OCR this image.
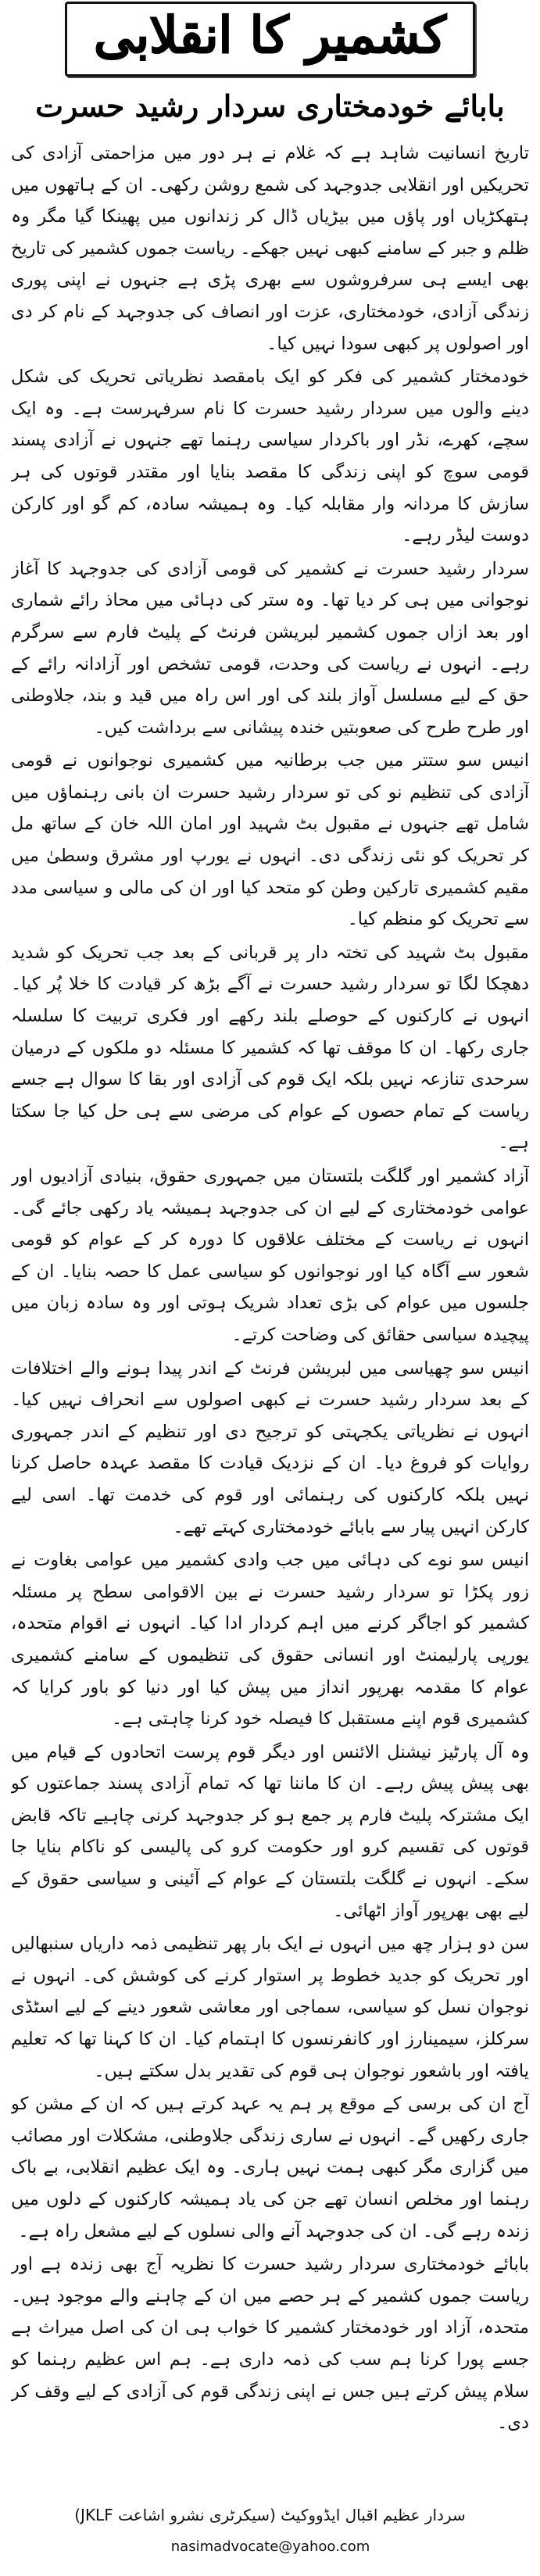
کشمیر کا انقلابی
بابائے خودمختاری سردار رشید حسرت

تاریخ انسانیت شاہد ہے کہ غلام نے ہر دور میں مزاحمتی آزادی کی تحریکیں اور انقلابی جدوجہد کی شمع روشن رکھی۔ ان کے ہاتھوں میں ہتھکڑیاں اور پاؤں میں بیڑیاں ڈال کر زندانوں میں پھینکا گیا مگر وہ ظلم و جبر کے سامنے کبھی نہیں جھکے۔ ریاست جموں کشمیر کی تاریخ بھی ایسے ہی سرفروشوں سے بھری پڑی ہے جنہوں نے اپنی پوری زندگی آزادی، خودمختاری، عزت اور انصاف کی جدوجہد کے نام کر دی اور اصولوں پر کبھی سودا نہیں کیا۔

خودمختار کشمیر کی فکر کو ایک بامقصد نظریاتی تحریک کی شکل دینے والوں میں سردار رشید حسرت کا نام سرفہرست ہے۔ وہ ایک سچے، کھرے، نڈر اور باکردار سیاسی رہنما تھے جنہوں نے آزادی پسند قومی سوچ کو اپنی زندگی کا مقصد بنایا اور مقتدر قوتوں کی ہر سازش کا مردانہ وار مقابلہ کیا۔ وہ ہمیشہ سادہ، کم گو اور کارکن دوست لیڈر رہے۔

سردار رشید حسرت نے کشمیر کی قومی آزادی کی جدوجہد کا آغاز نوجوانی میں ہی کر دیا تھا۔ وہ ستر کی دہائی میں محاذ رائے شماری اور بعد ازاں جموں کشمیر لبریشن فرنٹ کے پلیٹ فارم سے سرگرم رہے۔ انہوں نے ریاست کی وحدت، قومی تشخص اور آزادانہ رائے کے حق کے لیے مسلسل آواز بلند کی اور اس راہ میں قید و بند، جلاوطنی اور طرح طرح کی صعوبتیں خندہ پیشانی سے برداشت کیں۔

انیس سو ستتر میں جب برطانیہ میں کشمیری نوجوانوں نے قومی آزادی کی تنظیم نو کی تو سردار رشید حسرت ان بانی رہنماؤں میں شامل تھے جنہوں نے مقبول بٹ شہید اور امان اللہ خان کے ساتھ مل کر تحریک کو نئی زندگی دی۔ انہوں نے یورپ اور مشرق وسطیٰ میں مقیم کشمیری تارکین وطن کو متحد کیا اور ان کی مالی و سیاسی مدد سے تحریک کو منظم کیا۔

مقبول بٹ شہید کی تختہ دار پر قربانی کے بعد جب تحریک کو شدید دھچکا لگا تو سردار رشید حسرت نے آگے بڑھ کر قیادت کا خلا پُر کیا۔ انہوں نے کارکنوں کے حوصلے بلند رکھے اور فکری تربیت کا سلسلہ جاری رکھا۔ ان کا موقف تھا کہ کشمیر کا مسئلہ دو ملکوں کے درمیان سرحدی تنازعہ نہیں بلکہ ایک قوم کی آزادی اور بقا کا سوال ہے جسے ریاست کے تمام حصوں کے عوام کی مرضی سے ہی حل کیا جا سکتا ہے۔

آزاد کشمیر اور گلگت بلتستان میں جمہوری حقوق، بنیادی آزادیوں اور عوامی خودمختاری کے لیے ان کی جدوجہد ہمیشہ یاد رکھی جائے گی۔ انہوں نے ریاست کے مختلف علاقوں کا دورہ کر کے عوام کو قومی شعور سے آگاہ کیا اور نوجوانوں کو سیاسی عمل کا حصہ بنایا۔ ان کے جلسوں میں عوام کی بڑی تعداد شریک ہوتی اور وہ سادہ زبان میں پیچیدہ سیاسی حقائق کی وضاحت کرتے۔

انیس سو چھیاسی میں لبریشن فرنٹ کے اندر پیدا ہونے والے اختلافات کے بعد سردار رشید حسرت نے کبھی اصولوں سے انحراف نہیں کیا۔ انہوں نے نظریاتی یکجہتی کو ترجیح دی اور تنظیم کے اندر جمہوری روایات کو فروغ دیا۔ ان کے نزدیک قیادت کا مقصد عہدہ حاصل کرنا نہیں بلکہ کارکنوں کی رہنمائی اور قوم کی خدمت تھا۔ اسی لیے کارکن انہیں پیار سے بابائے خودمختاری کہتے تھے۔

انیس سو نوے کی دہائی میں جب وادی کشمیر میں عوامی بغاوت نے زور پکڑا تو سردار رشید حسرت نے بین الاقوامی سطح پر مسئلہ کشمیر کو اجاگر کرنے میں اہم کردار ادا کیا۔ انہوں نے اقوام متحدہ، یورپی پارلیمنٹ اور انسانی حقوق کی تنظیموں کے سامنے کشمیری عوام کا مقدمہ بھرپور انداز میں پیش کیا اور دنیا کو باور کرایا کہ کشمیری قوم اپنے مستقبل کا فیصلہ خود کرنا چاہتی ہے۔

وہ آل پارٹیز نیشنل الائنس اور دیگر قوم پرست اتحادوں کے قیام میں بھی پیش پیش رہے۔ ان کا ماننا تھا کہ تمام آزادی پسند جماعتوں کو ایک مشترکہ پلیٹ فارم پر جمع ہو کر جدوجہد کرنی چاہیے تاکہ قابض قوتوں کی تقسیم کرو اور حکومت کرو کی پالیسی کو ناکام بنایا جا سکے۔ انہوں نے گلگت بلتستان کے عوام کے آئینی و سیاسی حقوق کے لیے بھی بھرپور آواز اٹھائی۔

سن دو ہزار چھ میں انہوں نے ایک بار پھر تنظیمی ذمہ داریاں سنبھالیں اور تحریک کو جدید خطوط پر استوار کرنے کی کوشش کی۔ انہوں نے نوجوان نسل کو سیاسی، سماجی اور معاشی شعور دینے کے لیے اسٹڈی سرکلز، سیمینارز اور کانفرنسوں کا اہتمام کیا۔ ان کا کہنا تھا کہ تعلیم یافتہ اور باشعور نوجوان ہی قوم کی تقدیر بدل سکتے ہیں۔

آج ان کی برسی کے موقع پر ہم یہ عہد کرتے ہیں کہ ان کے مشن کو جاری رکھیں گے۔ انہوں نے ساری زندگی جلاوطنی، مشکلات اور مصائب میں گزاری مگر کبھی ہمت نہیں ہاری۔ وہ ایک عظیم انقلابی، بے باک رہنما اور مخلص انسان تھے جن کی یاد ہمیشہ کارکنوں کے دلوں میں زندہ رہے گی۔ ان کی جدوجہد آنے والی نسلوں کے لیے مشعل راہ ہے۔

بابائے خودمختاری سردار رشید حسرت کا نظریہ آج بھی زندہ ہے اور ریاست جموں کشمیر کے ہر حصے میں ان کے چاہنے والے موجود ہیں۔ متحدہ، آزاد اور خودمختار کشمیر کا خواب ہی ان کی اصل میراث ہے جسے پورا کرنا ہم سب کی ذمہ داری ہے۔ ہم اس عظیم رہنما کو سلام پیش کرتے ہیں جس نے اپنی زندگی قوم کی آزادی کے لیے وقف کر دی۔

سردار عظیم اقبال ایڈووکیٹ (سیکرٹری نشرو اشاعت JKLF)
nasimadvocate@yahoo.com
